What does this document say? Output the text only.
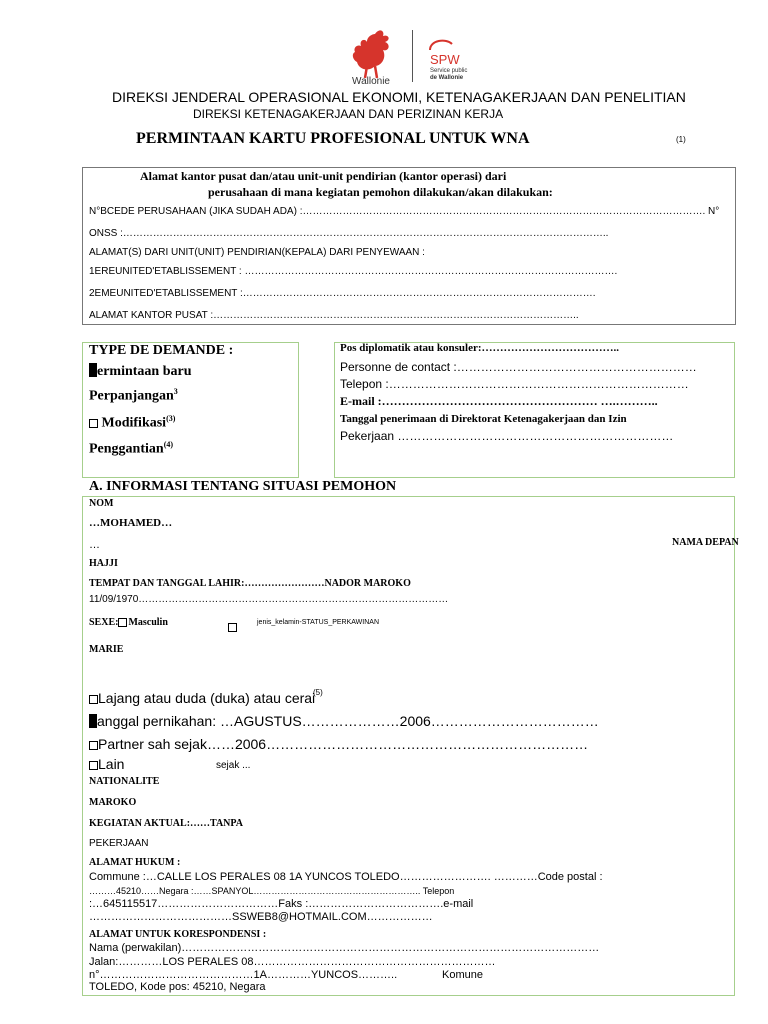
Wallonie
SPW
Service public
de Wallonie
DIREKSI JENDERAL OPERASIONAL EKONOMI, KETENAGAKERJAAN DAN PENELITIAN
DIREKSI KETENAGAKERJAAN DAN PERIZINAN KERJA
PERMINTAAN KARTU PROFESIONAL UNTUK WNA	(1)
Alamat kantor pusat dan/atau unit-unit pendirian (kantor operasi) dari
perusahaan di mana kegiatan pemohon dilakukan/akan dilakukan:
N°BCEDE PERUSAHAAN (JIKA SUDAH ADA) :…………………………………………………………………………………………………………. N°
ONSS :………………………………………………………………………………………………………………………………..
ALAMAT(S) DARI UNIT(UNIT) PENDIRIAN(KEPALA) DARI PENYEWAAN :
1EREUNITED'ETABLISSEMENT : ………………………………………………………………………………………………….
2EMEUNITED'ETABLISSEMENT :…………………………………………………………………………………………….
ALAMAT KANTOR PUSAT :………………………………………………………………………………………………..
TYPE DE DEMANDE :
ermintaan baru
Perpanjangan$^3$
Modifikasi$^{(3)}$
Penggantian$^{(4)}$
Pos diplomatik atau konsuler:………………………………..
Personne de contact :……………………………………………………
Telepon :…………………………………………………………………
E-mail :……………………………………………… ….………..
Tanggal penerimaan di Direktorat Ketenagakerjaan dan Izin
Pekerjaan ……………………………………………………………
A. INFORMASI TENTANG SITUASI PEMOHON
NOM
…MOHAMED…
…	NAMA DEPAN
HAJJI
TEMPAT DAN TANGGAL LAHIR:……………………NADOR MAROKO
11/09/1970…………………………………………………………………………………
SEXE: Masculin	jenis_kelamin-STATUS_PERKAWINAN
MARIE
Lajang atau duda (duka) atau cerai
(5)
anggal pernikahan: …AGUSTUS…………………2006………………………………
Partner sah sejak……2006……………………………………………………………
Lain	sejak ...
NATIONALITE
MAROKO
KEGIATAN AKTUAL:……TANPA
PEKERJAAN
ALAMAT HUKUM :
Commune :…CALLE LOS PERALES 08 1A YUNCOS TOLEDO……………………. …………Code postal :
………45210……Negara :……SPANYOL……………………………………………….. Telepon
:…645115517……………………………Faks :……………………………….e-mail
…………………………………SSWEB8@HOTMAIL.COM………………
ALAMAT UNTUK KORESPONDENSI :
Nama (perwakilan)……………………………………………………………………………………………………
Jalan:…………LOS PERALES 08…………………………………………………………
n°……………………………………1A…………YUNCOS………..	Komune
TOLEDO, Kode pos: 45210, Negara
